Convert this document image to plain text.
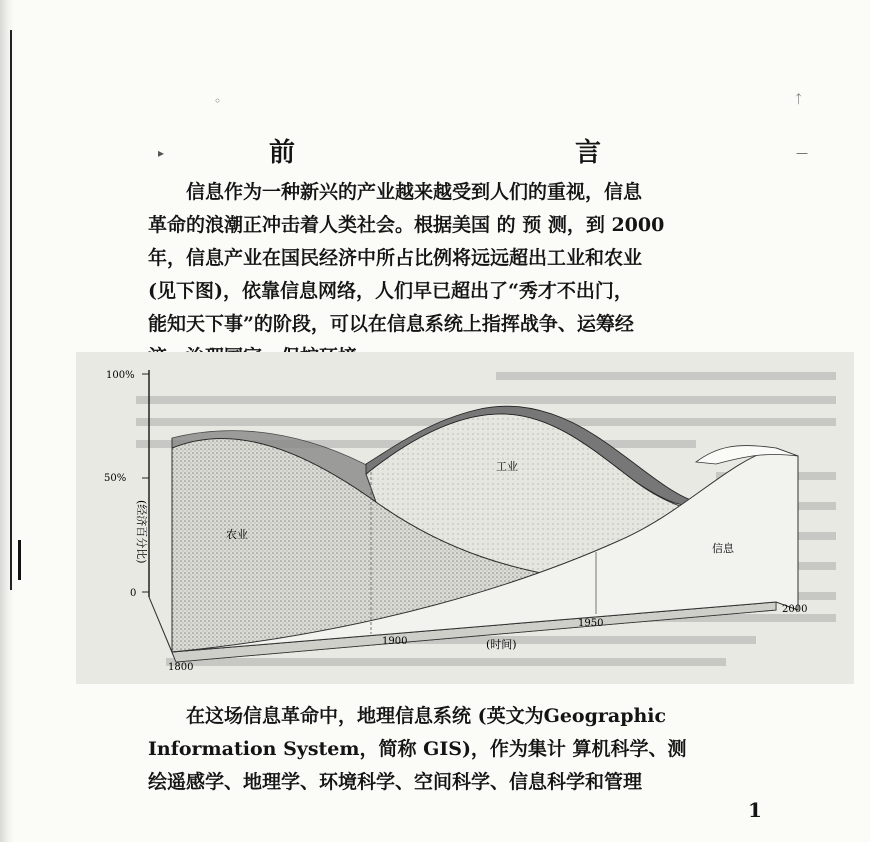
◦	ᛏ
▸	—
前　　言

信息作为一种新兴的产业越来越受到人们的重视，信息

革命的浪潮正冲击着人类社会。根据美国 的 预 测，到 2000

年，信息产业在国民经济中所占比例将远远超出工业和农业

(见下图)，依靠信息网络，人们早已超出了“秀才不出门，

能知天下事”的阶段，可以在信息系统上指挥战争、运筹经

100%
50%
0
(经济百分比)	农业
工业
信息
1800
1900
1950
2000
(时间)

在这场信息革命中，地理信息系统 (英文为Geographic

Information System，简称 GIS)，作为集计 算机科学、测

绘遥感学、地理学、环境科学、空间科学、信息科学和管理

1
